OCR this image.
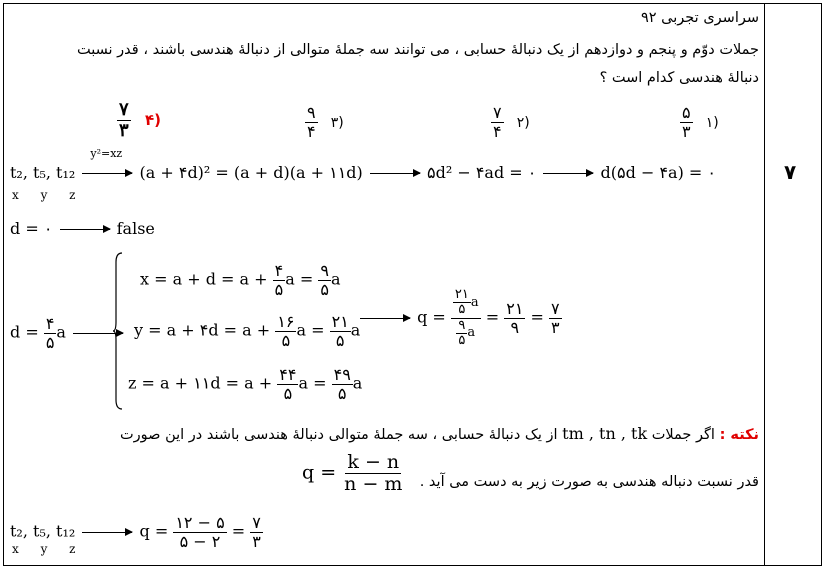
۷
سراسری تجربی ۹۲
جملات دوّم و پنجم و دوازدهم از یک دنبالهٔ حسابی ، می توانند سه جملهٔ متوالی از دنبالهٔ هندسی باشند ، قدر نسبت
دنبالهٔ هندسی کدام است ؟
۵
۳ ۱)
۷
۴ ۲)
۹
۴ ۳)
۷
۳ ۴)
t₂, t₅, t₁₂
y²=xz
(a + ۴d)² = (a + d)(a + ۱۱d)	۵d² − ۴ad = ۰	d(۵d − ۴a) = ۰
x y z
d = ۰	false
d = ۴
۵
a
x = a + d = a + ۴
۵
a = ۹
۵
a
y = a + ۴d = a + ۱۶
۵
a = ۲۱
۵
a
z = a + ۱۱d = a + ۴۴
۵
a = ۴۹
۵
a
q = ۲۱
۵
a
۹
۵
a = ۲۱
۹
= ۷
۳
نکته : اگر جملات tm , tn , tk از یک دنبالهٔ حسابی ، سه جملهٔ متوالی دنبالهٔ هندسی باشند در این صورت
قدر نسبت دنباله هندسی به صورت زیر به دست می آید .
$q = \frac{k - n}{n - m}$
t₂, t₅, t₁₂	q = ۱۲ − ۵
۵ − ۲
= ۷
۳
x y z
